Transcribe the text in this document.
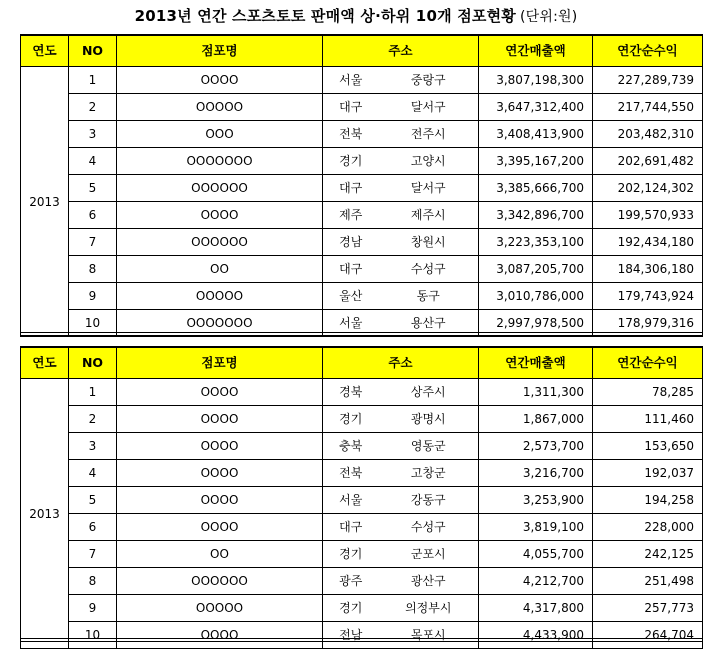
2013년 연간 스포츠토토 판매액 상·하위 10개 점포현황 (단위:원)
연도	NO	점포명	주소		연간매출액	연간순수익
2013	1	OOOO	서울	중랑구	3,807,198,300	227,289,739
	2	OOOOO	대구	달서구	3,647,312,400	217,744,550
	3	OOO	전북	전주시	3,408,413,900	203,482,310
	4	OOOOOOO	경기	고양시	3,395,167,200	202,691,482
	5	OOOOOO	대구	달서구	3,385,666,700	202,124,302
	6	OOOO	제주	제주시	3,342,896,700	199,570,933
	7	OOOOOO	경남	창원시	3,223,353,100	192,434,180
	8	OO	대구	수성구	3,087,205,700	184,306,180
	9	OOOOO	울산	동구	3,010,786,000	179,743,924
	10	OOOOOOO	서울	용산구	2,997,978,500	178,979,316
연도	NO	점포명	주소		연간매출액	연간순수익
2013	1	OOOO	경북	상주시	1,311,300	78,285
	2	OOOO	경기	광명시	1,867,000	111,460
	3	OOOO	충북	영동군	2,573,700	153,650
	4	OOOO	전북	고창군	3,216,700	192,037
	5	OOOO	서울	강동구	3,253,900	194,258
	6	OOOO	대구	수성구	3,819,100	228,000
	7	OO	경기	군포시	4,055,700	242,125
	8	OOOOOO	광주	광산구	4,212,700	251,498
	9	OOOOO	경기	의정부시	4,317,800	257,773
	10	OOOO	전남	목포시	4,433,900	264,704
